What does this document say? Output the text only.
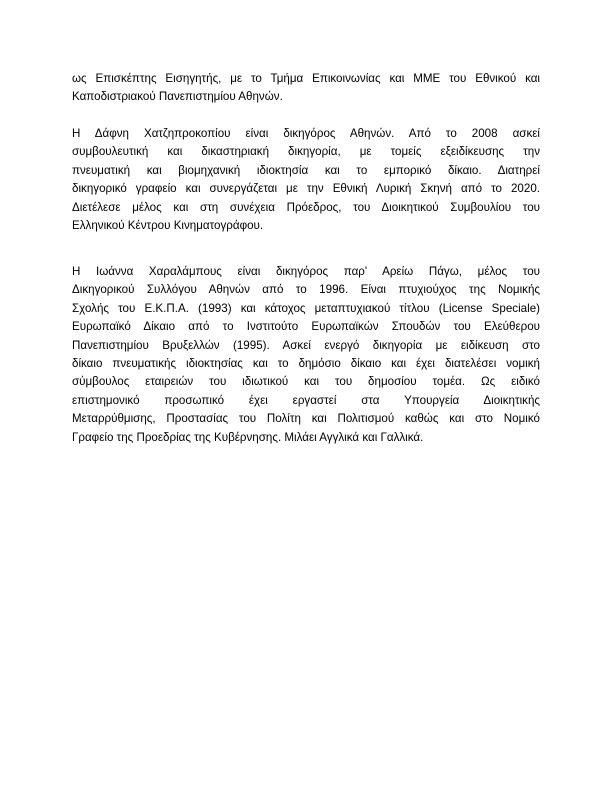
ως Επισκέπτης Εισηγητής, με το Τμήμα Επικοινωνίας και ΜΜΕ του Εθνικού και
Καποδιστριακού Πανεπιστημίου Αθηνών.
Η Δάφνη Χατζηπροκοπίου είναι δικηγόρος Αθηνών. Από το 2008 ασκεί
συμβουλευτική και δικαστηριακή δικηγορία, με τομείς εξειδίκευσης την
πνευματική και βιομηχανική ιδιοκτησία και το εμπορικό δίκαιο. Διατηρεί
δικηγορικό γραφείο και συνεργάζεται με την Εθνική Λυρική Σκηνή από το 2020.
Διετέλεσε μέλος και στη συνέχεια Πρόεδρος, του Διοικητικού Συμβουλίου του
Ελληνικού Κέντρου Κινηματογράφου.
Η Ιωάννα Χαραλάμπους είναι δικηγόρος παρ' Αρείω Πάγω, μέλος του
Δικηγορικού Συλλόγου Αθηνών από το 1996. Είναι πτυχιούχος της Νομικής
Σχολής του Ε.Κ.Π.Α. (1993) και κάτοχος μεταπτυχιακού τίτλου (License Speciale)
Ευρωπαϊκό Δίκαιο από το Ινστιτούτο Ευρωπαϊκών Σπουδών του Ελεύθερου
Πανεπιστημίου Βρυξελλών (1995). Ασκεί ενεργό δικηγορία με ειδίκευση στο
δίκαιο πνευματικής ιδιοκτησίας και το δημόσιο δίκαιο και έχει διατελέσει νομική
σύμβουλος εταιρειών του ιδιωτικού και του δημοσίου τομέα. Ως ειδικό
επιστημονικό προσωπικό έχει εργαστεί στα Υπουργεία Διοικητικής
Μεταρρύθμισης, Προστασίας του Πολίτη και Πολιτισμού καθώς και στο Νομικό
Γραφείο της Προεδρίας της Κυβέρνησης. Μιλάει Αγγλικά και Γαλλικά.
